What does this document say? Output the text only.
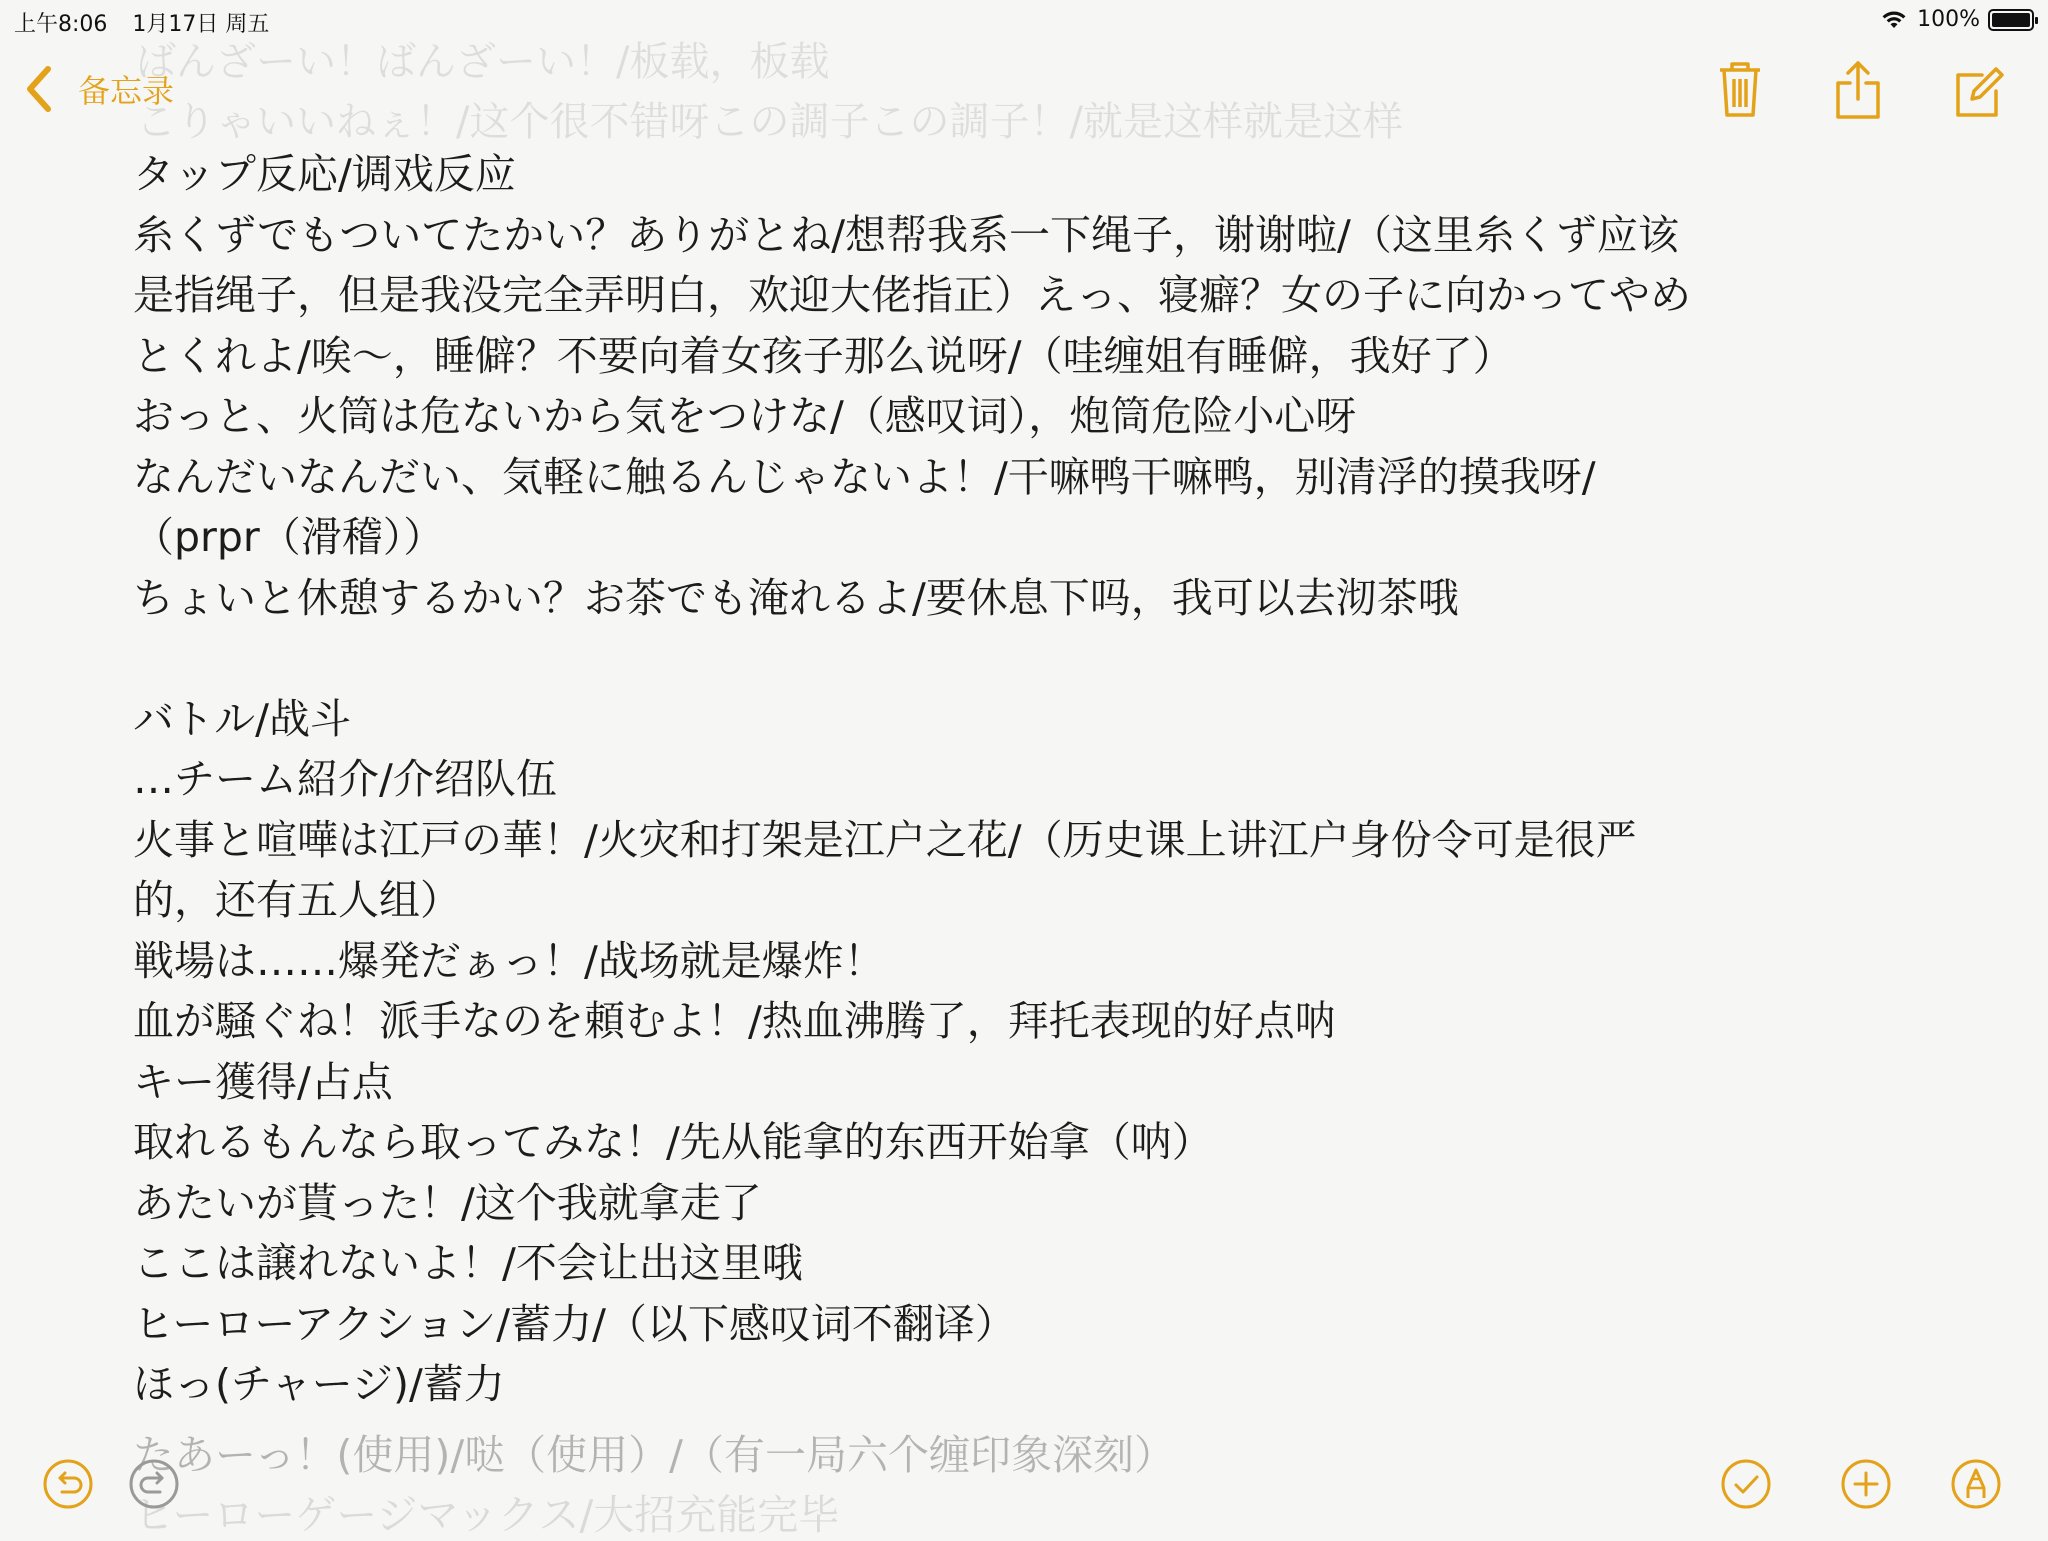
上午8:06 1月17日 周五	100%
ばんざーい！ばんざーい！/板载，板载
こりゃいいねぇ！/这个很不错呀この調子この調子！/就是这样就是这样
备忘录
タップ反応/调戏反应
糸くずでもついてたかい？ありがとね/想帮我系一下绳子，谢谢啦/（这里糸くず应该
是指绳子，但是我没完全弄明白，欢迎大佬指正）えっ、寝癖？女の子に向かってやめ
とくれよ/唉～，睡僻？不要向着女孩子那么说呀/（哇缠姐有睡僻，我好了）
おっと、火筒は危ないから気をつけな/（感叹词），炮筒危险小心呀
なんだいなんだい、気軽に触るんじゃないよ！/干嘛鸭干嘛鸭，别清浮的摸我呀/
（prpr（滑稽））
ちょいと休憩するかい？お茶でも淹れるよ/要休息下吗，我可以去沏茶哦
バトル/战斗
…チーム紹介/介绍队伍
火事と喧嘩は江戸の華！/火灾和打架是江户之花/（历史课上讲江户身份令可是很严
的，还有五人组）
戦場は……爆発だぁっ！/战场就是爆炸！
血が騒ぐね！派手なのを頼むよ！/热血沸腾了，拜托表现的好点呐
キー獲得/占点
取れるもんなら取ってみな！/先从能拿的东西开始拿（呐）
あたいが貰った！/这个我就拿走了
ここは譲れないよ！/不会让出这里哦
ヒーローアクション/蓄力/（以下感叹词不翻译）
ほっ(チャージ)/蓄力
たあーっ！(使用)/哒（使用）/（有一局六个缠印象深刻）
ヒーローゲージマックス/大招充能完毕
